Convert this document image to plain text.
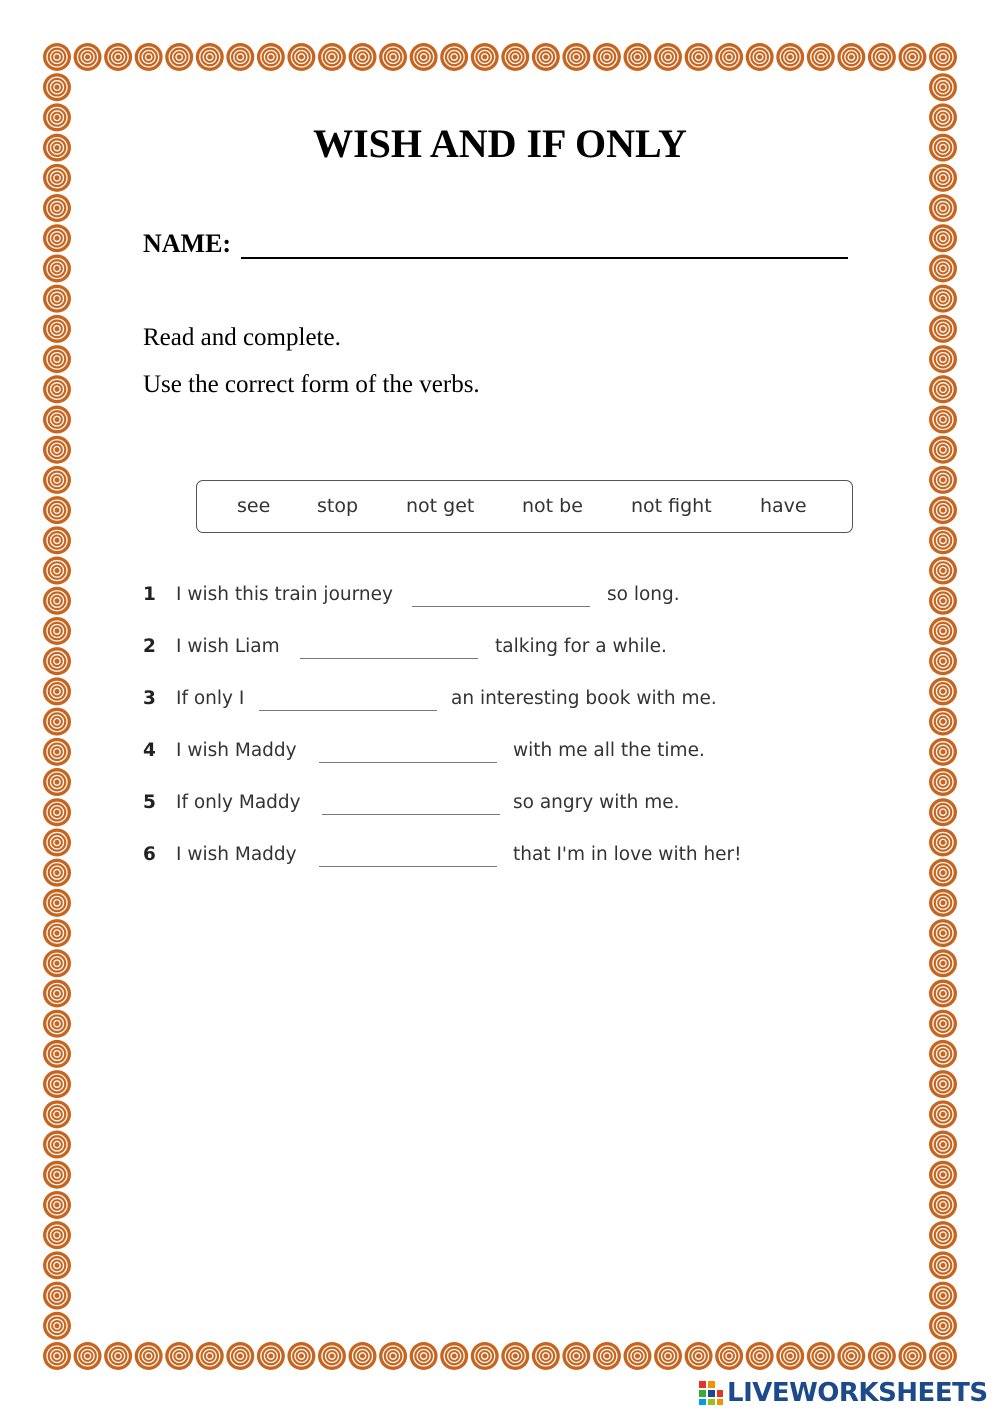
WISH AND IF ONLY
NAME:
Read and complete.
Use the correct form of the verbs.
see stop	not get	not be	not fight	have
1 I wish this train journey	so long.
2 I wish Liam	talking for a while.
3 If only I	an interesting book with me.
4 I wish Maddy	with me all the time.
5 If only Maddy	so angry with me.
6 I wish Maddy	that I'm in love with her!
LIVEWORKSHEETS
